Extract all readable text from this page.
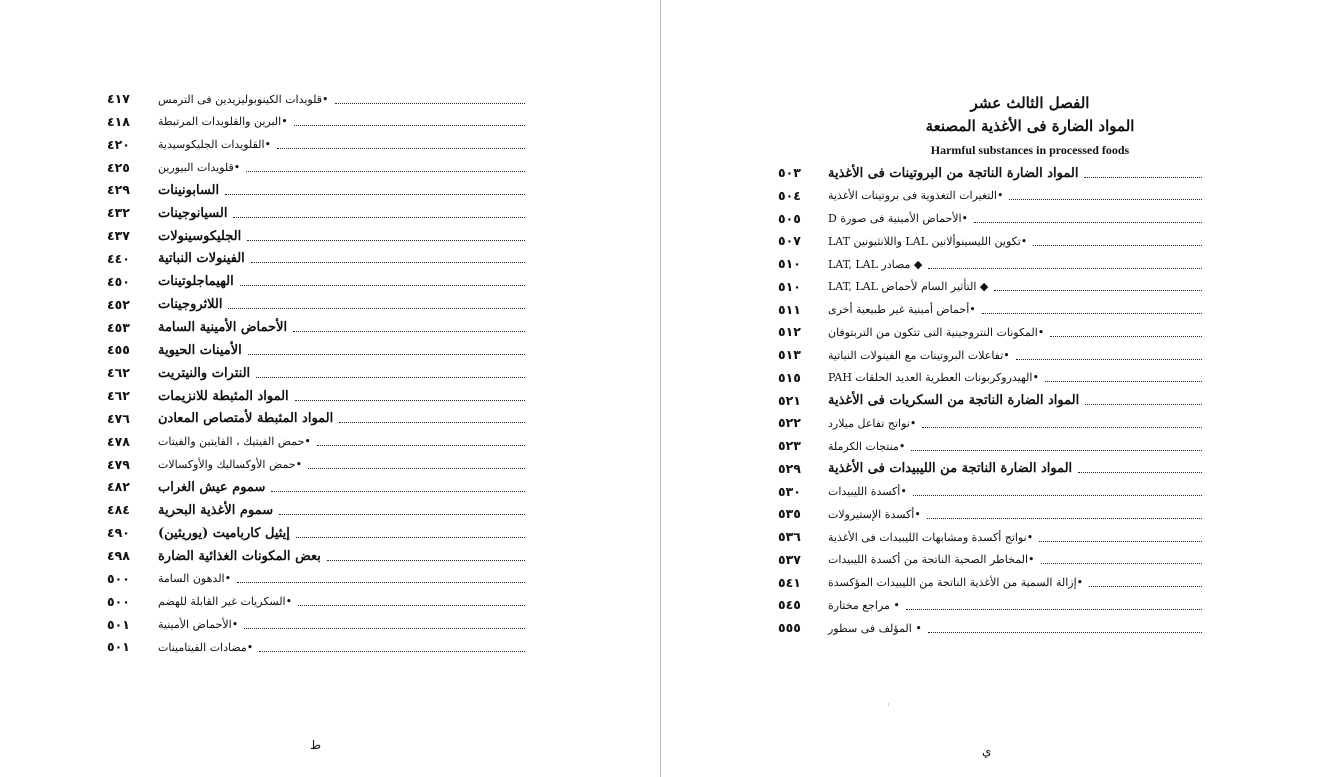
الفصل الثالث عشر
المواد الضارة فى الأغذية المصنعة
Harmful substances in processed foods
•قلويدات الكينوبوليزيدين فى الترمس
٤١٧
•البرين والقلويدات المرتبطة
٤١٨
•القلويدات الجليكوسيدية
٤٢٠
•قلويدات البيورين
٤٢٥
السابونينات
٤٢٩
السيانوجينات
٤٣٢
الجليكوسينولات
٤٣٧
الفينولات النباتية
٤٤٠
الهيماجلوتينات
٤٥٠
اللاثروجينات
٤٥٢
الأحماض الأمينية السامة
٤٥٣
الأمينات الحيوية
٤٥٥
النترات والنيتريت
٤٦٢
المواد المثبطة للانزيمات
٤٦٢
المواد المثبطة لأمتصاص المعادن
٤٧٦
•حمض الفيتيك ، الفايتين والفيتات
٤٧٨
•حمض الأوكساليك والأوكسالات
٤٧٩
سموم عيش الغراب
٤٨٢
سموم الأغذية البحرية
٤٨٤
إيثيل كارباميت (يوريثين)
٤٩٠
بعض المكونات الغذائية الضارة
٤٩٨
•الدهون السامة
٥٠٠
•السكريات غير القابلة للهضم
٥٠٠
•الأحماض الأمينية
٥٠١
•مضادات الفيتامينات
٥٠١
المواد الضارة الناتجة من البروتينات فى الأغذية
٥٠٣
•التغيرات التغذوية فى بروتينات الأغذية
٥٠٤
•الأحماض الأمينية فى صورة D
٥٠٥
•تكوين الليسينوألانين LAL واللانثيونين LAT
٥٠٧
◆ مصادر LAT, LAL
٥١٠
◆ التأثير السام لأحماض LAT, LAL
٥١٠
•أحماض أمينية غير طبيعية أخرى
٥١١
•المكونات النتروجينية التى تتكون من التربتوفان
٥١٢
•تفاعلات البروتينات مع الفينولات النباتية
٥١٣
•الهيدروكربونات العطرية العديد الحلقات PAH
٥١٥
المواد الضارة الناتجة من السكريات فى الأغذية
٥٢١
•نواتج تفاعل ميلارد
٥٢٢
•منتجات الكرملة
٥٢٣
المواد الضارة الناتجة من الليبيدات فى الأغذية
٥٢٩
•أكسدة الليبيدات
٥٣٠
•أكسدة الإستيرولات
٥٣٥
•نواتج أكسدة ومشابهات الليبيدات فى الأغذية
٥٣٦
•المخاطر الصحية الناتجة من أكسدة الليبيدات
٥٣٧
•إزالة السمية من الأغذية الناتجة من الليبيدات المؤكسدة
٥٤١
• مراجع مختارة
٥٤٥
• المؤلف فى سطور
٥٥٥
ط	ي
